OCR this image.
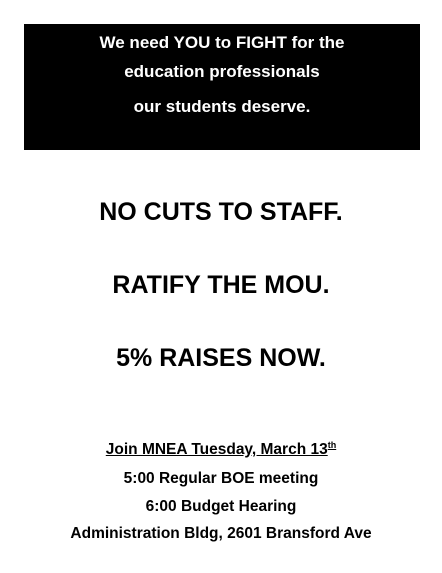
We need YOU to FIGHT for the
education professionals
our students deserve.
NO CUTS TO STAFF.
RATIFY THE MOU.
5% RAISES NOW.
Join MNEA Tuesday, March 13th
5:00 Regular BOE meeting
6:00 Budget Hearing
Administration Bldg, 2601 Bransford Ave
